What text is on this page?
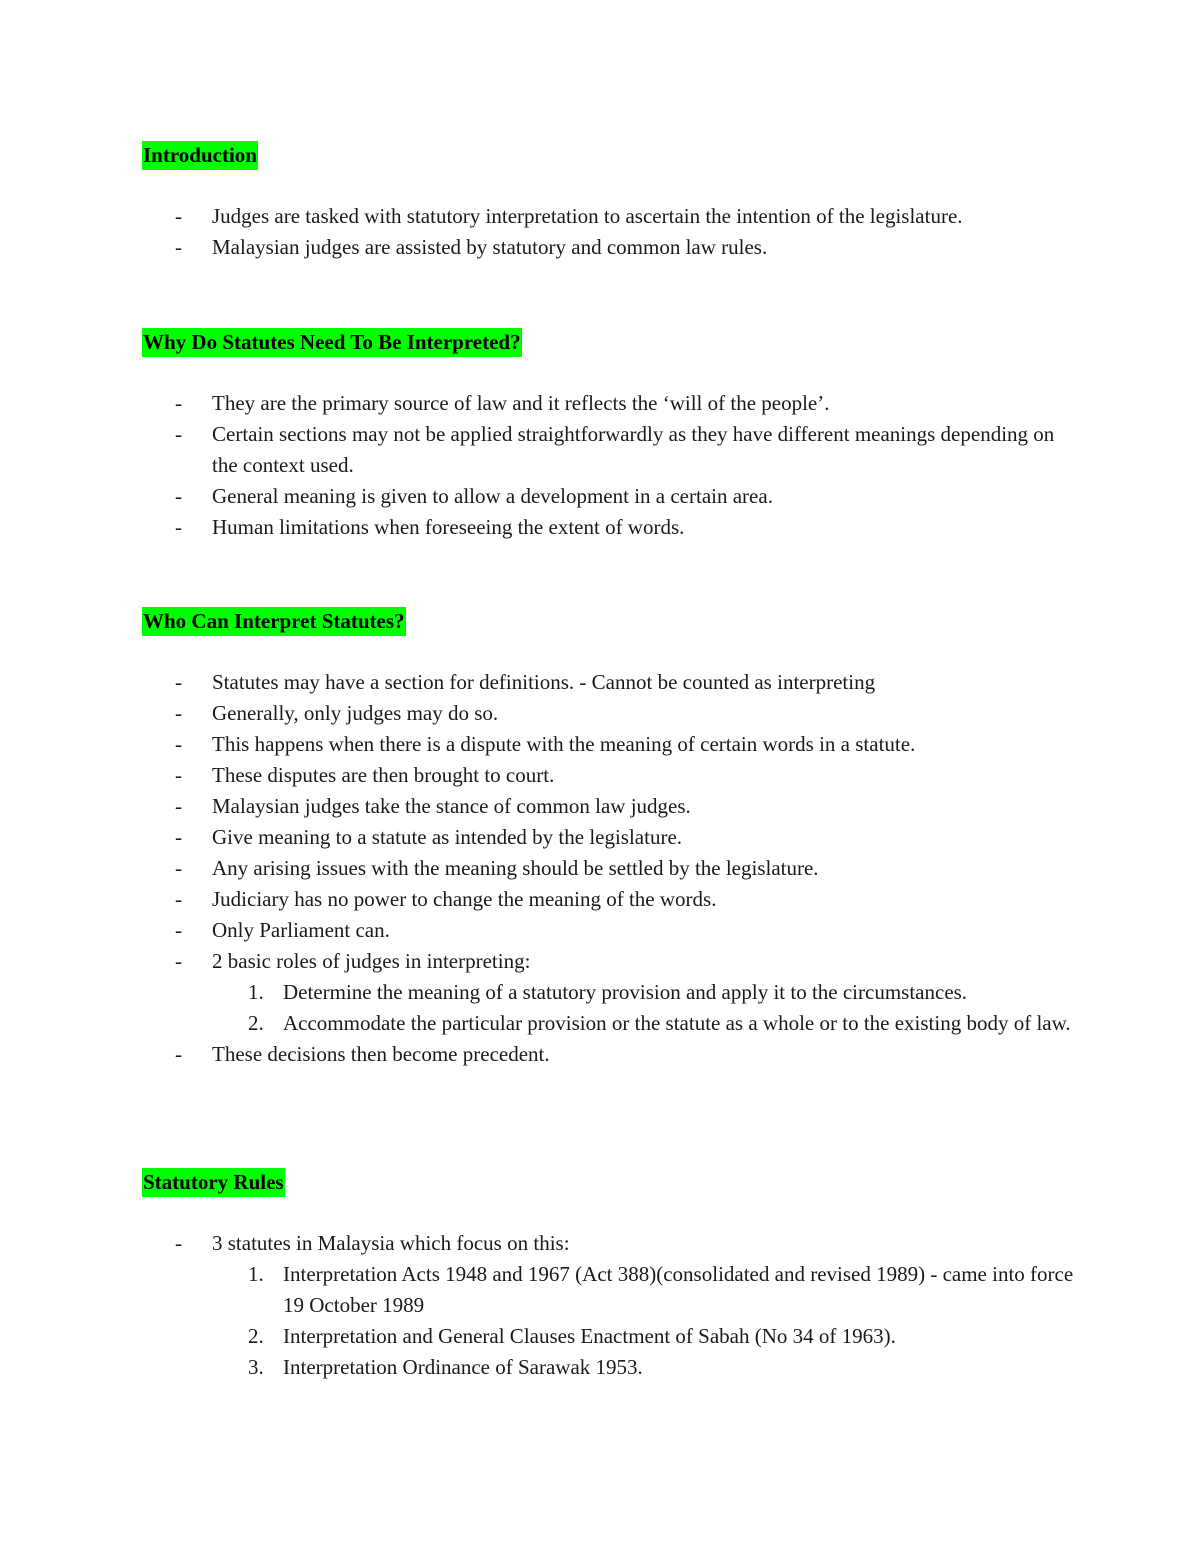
Introduction
- Judges are tasked with statutory interpretation to ascertain the intention of the legislature.
- Malaysian judges are assisted by statutory and common law rules.
Why Do Statutes Need To Be Interpreted?
- They are the primary source of law and it reflects the ‘will of the people’.
- Certain sections may not be applied straightforwardly as they have different meanings depending on the context used.
- General meaning is given to allow a development in a certain area.
- Human limitations when foreseeing the extent of words.
Who Can Interpret Statutes?
- Statutes may have a section for definitions. - Cannot be counted as interpreting
- Generally, only judges may do so.
- This happens when there is a dispute with the meaning of certain words in a statute.
- These disputes are then brought to court.
- Malaysian judges take the stance of common law judges.
- Give meaning to a statute as intended by the legislature.
- Any arising issues with the meaning should be settled by the legislature.
- Judiciary has no power to change the meaning of the words.
- Only Parliament can.
- 2 basic roles of judges in interpreting:
1. Determine the meaning of a statutory provision and apply it to the circumstances.
2. Accommodate the particular provision or the statute as a whole or to the existing body of law.
- These decisions then become precedent.
Statutory Rules
- 3 statutes in Malaysia which focus on this:
1. Interpretation Acts 1948 and 1967 (Act 388)(consolidated and revised 1989) - came into force 19 October 1989
2. Interpretation and General Clauses Enactment of Sabah (No 34 of 1963).
3. Interpretation Ordinance of Sarawak 1953.
